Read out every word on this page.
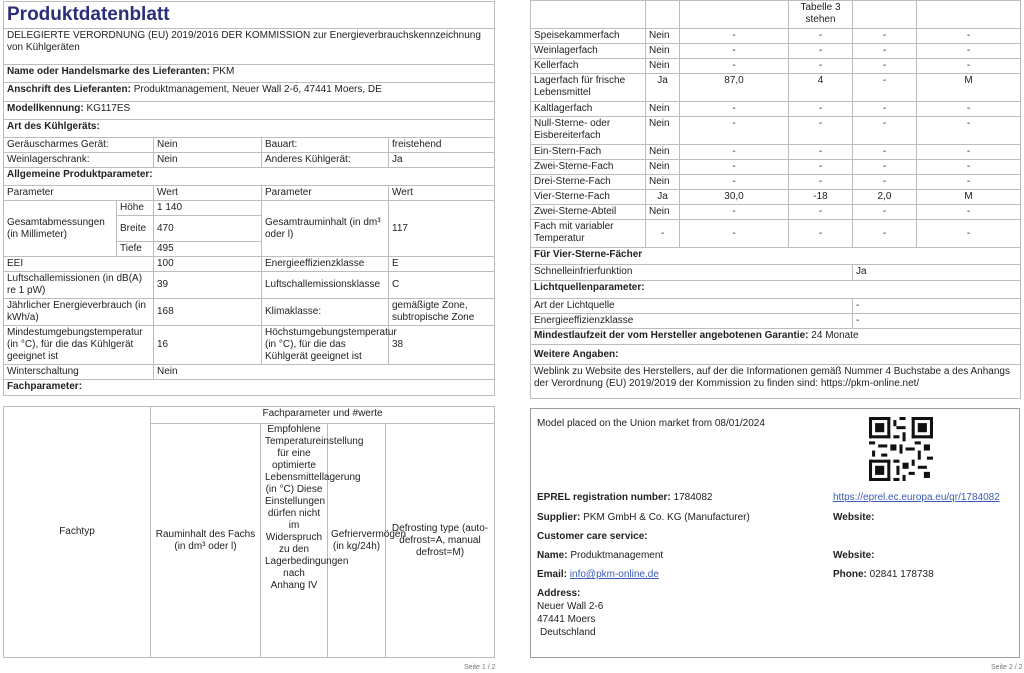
Produktdatenblatt				
DELEGIERTE VERORDNUNG (EU) 2019/2016 DER KOMMISSION zur Energieverbrauchskennzeichnung von Kühlgeräten				
Name oder Handelsmarke des Lieferanten: PKM				
Anschrift des Lieferanten: Produktmanagement, Neuer Wall 2-6, 47441 Moers, DE				
Modellkennung: KG117ES				
Art des Kühlgeräts:				
Geräuscharmes Gerät:		Nein	Bauart:	freistehend
Weinlagerschrank:		Nein	Anderes Kühlgerät:	Ja
Allgemeine Produktparameter:				
Parameter		Wert	Parameter	Wert
Gesamtabmessungen (in Millimeter)	Höhe	1 140	Gesamtrauminhalt (in dm³ oder l)	117
	Breite	470		
	Tiefe	495		
EEI		100	Energieeffizienzklasse	E
Luftschallemissionen (in dB(A) re 1 pW)		39	Luftschallemissionsklasse	C
Jährlicher Energieverbrauch (in kWh/a)		168	Klimaklasse:	gemäßigte Zone, subtropische Zone
Mindestumgebungstemperatur (in °C), für die das Kühlgerät geeignet ist		16	Höchstumgebungstemperatur (in °C), für die das Kühlgerät geeignet ist	38
Winterschaltung		Nein		
Fachparameter:				
Fachtyp	Fachparameter und #werte			
	Rauminhalt des Fachs (in dm³ oder l)	Empfohlene Temperatureinstellung für eine optimierte Lebensmittellagerung (in °C) Diese Einstellungen dürfen nicht im Widerspruch zu den Lagerbedingungen nach Anhang IV	Gefriervermögen (in kg/24h)	Defrosting type (auto-defrost=A, manual defrost=M)
Seite 1 / 2
			Tabelle 3 stehen		
Speisekammerfach	Nein	-	-	-	-
Weinlagerfach	Nein	-	-	-	-
Kellerfach	Nein	-	-	-	-
Lagerfach für frische Lebensmittel	Ja	87,0	4	-	M
Kaltlagerfach	Nein	-	-	-	-
Null-Sterne- oder Eisbereiterfach	Nein	-	-	-	-
Ein-Stern-Fach	Nein	-	-	-	-
Zwei-Sterne-Fach	Nein	-	-	-	-
Drei-Sterne-Fach	Nein	-	-	-	-
Vier-Sterne-Fach	Ja	30,0	-18	2,0	M
Zwei-Sterne-Abteil	Nein	-	-	-	-
Fach mit variabler Temperatur	-	-	-	-	-
Für Vier-Sterne-Fächer					
Schnelleinfrierfunktion				Ja	
Lichtquellenparameter:					
Art der Lichtquelle				-	
Energieeffizienzklasse				-	
Mindestlaufzeit der vom Hersteller angebotenen Garantie: 24 Monate					
Weitere Angaben:					
Weblink zu Website des Herstellers, auf der die Informationen gemäß Nummer 4 Buchstabe a des Anhangs der Verordnung (EU) 2019/2019 der Kommission zu finden sind: https://pkm-online.net/					
Model placed on the Union market from 08/01/2024
EPREL registration number: 1784082	https://eprel.ec.europa.eu/qr/1784082
Supplier: PKM GmbH & Co. KG (Manufacturer)	Website:
Customer care service:
Name: Produktmanagement	Website:
Email: info@pkm-online.de	Phone: 02841 178738
Address:
Neuer Wall 2-6
47441 Moers
Deutschland
Seite 2 / 2
